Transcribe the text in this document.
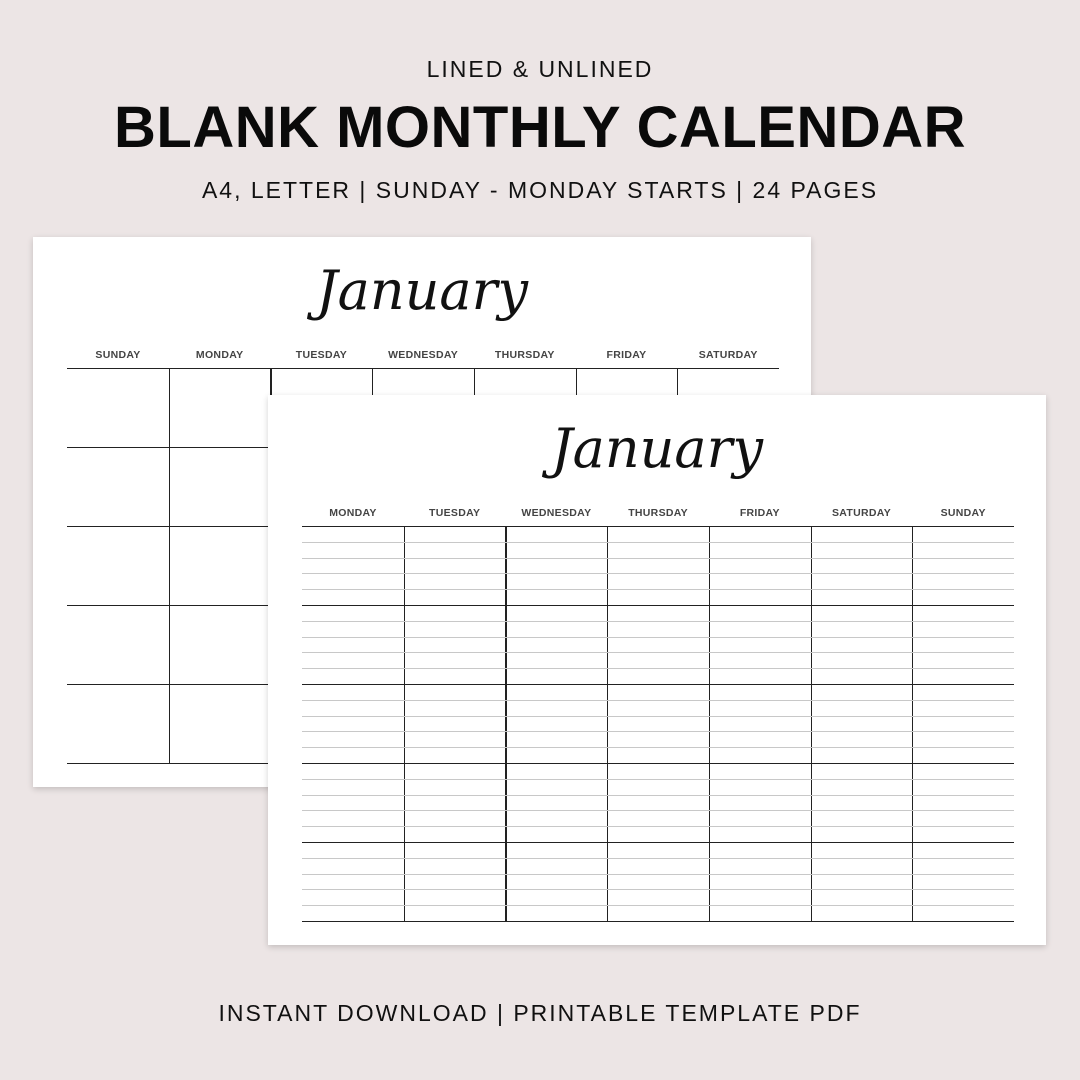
LINED & UNLINED
BLANK MONTHLY CALENDAR
A4, LETTER | SUNDAY - MONDAY STARTS | 24 PAGES
January
SUNDAY	MONDAY	TUESDAY	WEDNESDAY	THURSDAY	FRIDAY	SATURDAY
January
MONDAY	TUESDAY	WEDNESDAY	THURSDAY	FRIDAY	SATURDAY	SUNDAY
INSTANT DOWNLOAD | PRINTABLE TEMPLATE PDF
